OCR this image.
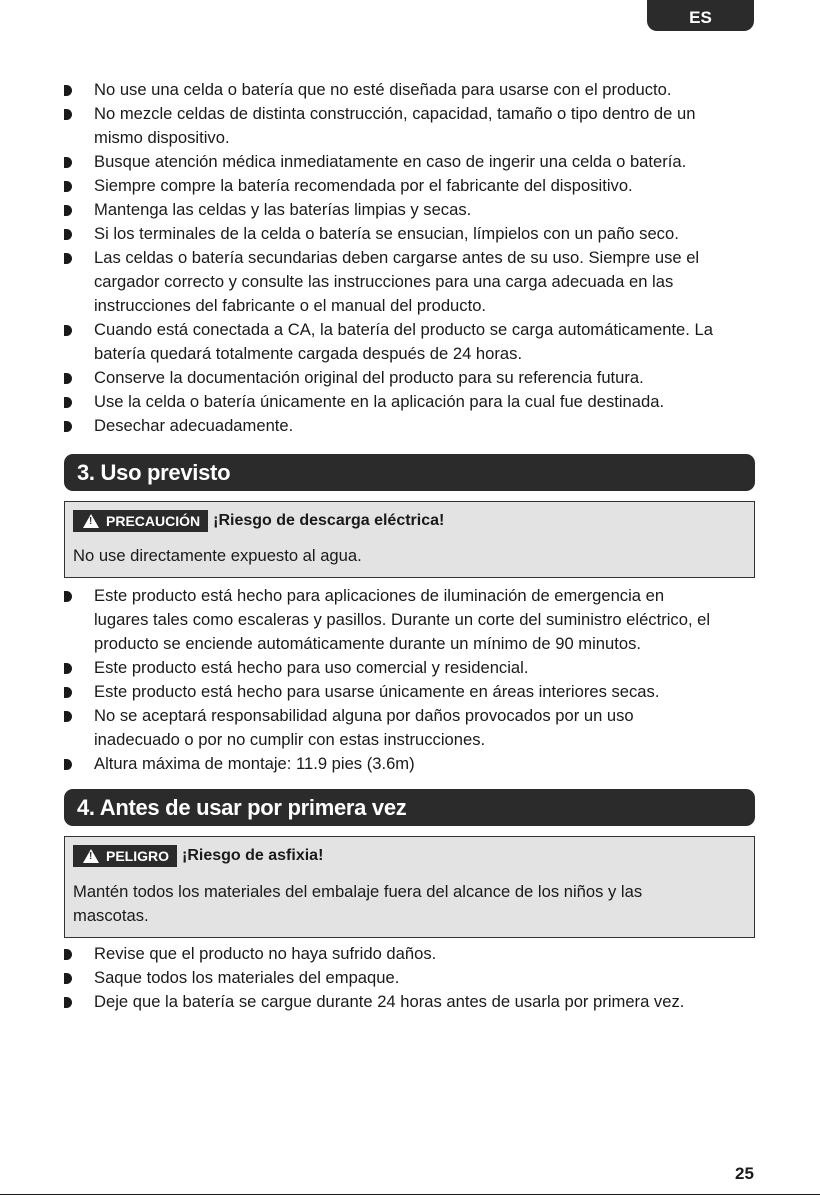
ES
No use una celda o batería que no esté diseñada para usarse con el producto.
No mezcle celdas de distinta construcción, capacidad, tamaño o tipo dentro de un
mismo dispositivo.
Busque atención médica inmediatamente en caso de ingerir una celda o batería.
Siempre compre la batería recomendada por el fabricante del dispositivo.
Mantenga las celdas y las baterías limpias y secas.
Si los terminales de la celda o batería se ensucian, límpielos con un paño seco.
Las celdas o batería secundarias deben cargarse antes de su uso. Siempre use el
cargador correcto y consulte las instrucciones para una carga adecuada en las
instrucciones del fabricante o el manual del producto.
Cuando está conectada a CA, la batería del producto se carga automáticamente. La
batería quedará totalmente cargada después de 24 horas.
Conserve la documentación original del producto para su referencia futura.
Use la celda o batería únicamente en la aplicación para la cual fue destinada.
Desechar adecuadamente.
3. Uso previsto
!
PRECAUCIÓN ¡Riesgo de descarga eléctrica!
No use directamente expuesto al agua.
Este producto está hecho para aplicaciones de iluminación de emergencia en
lugares tales como escaleras y pasillos. Durante un corte del suministro eléctrico, el
producto se enciende automáticamente durante un mínimo de 90 minutos.
Este producto está hecho para uso comercial y residencial.
Este producto está hecho para usarse únicamente en áreas interiores secas.
No se aceptará responsabilidad alguna por daños provocados por un uso
inadecuado o por no cumplir con estas instrucciones.
Altura máxima de montaje: 11.9 pies (3.6m)
4. Antes de usar por primera vez
!
PELIGRO ¡Riesgo de asfixia!
Mantén todos los materiales del embalaje fuera del alcance de los niños y las
mascotas.
Revise que el producto no haya sufrido daños.
Saque todos los materiales del empaque.
Deje que la batería se cargue durante 24 horas antes de usarla por primera vez.
25
